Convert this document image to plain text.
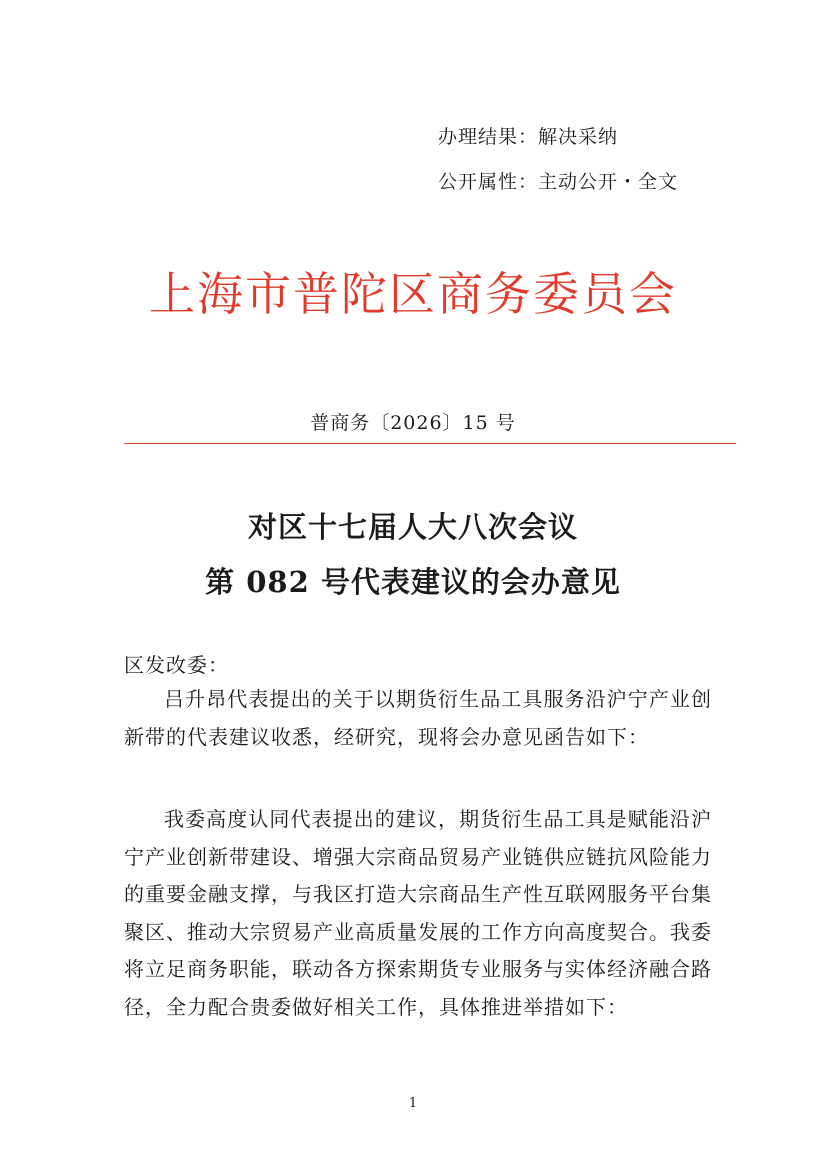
办理结果：解决采纳
公开属性：主动公开・全文
上海市普陀区商务委员会
普商务〔2026〕15 号
对区十七届人大八次会议
第 082 号代表建议的会办意见
区发改委：
吕升昂代表提出的关于以期货衍生品工具服务沿沪宁产业创新带的代表建议收悉，经研究，现将会办意见函告如下：
我委高度认同代表提出的建议，期货衍生品工具是赋能沿沪宁产业创新带建设、增强大宗商品贸易产业链供应链抗风险能力的重要金融支撑，与我区打造大宗商品生产性互联网服务平台集聚区、推动大宗贸易产业高质量发展的工作方向高度契合。我委将立足商务职能，联动各方探索期货专业服务与实体经济融合路径，全力配合贵委做好相关工作，具体推进举措如下：
1
